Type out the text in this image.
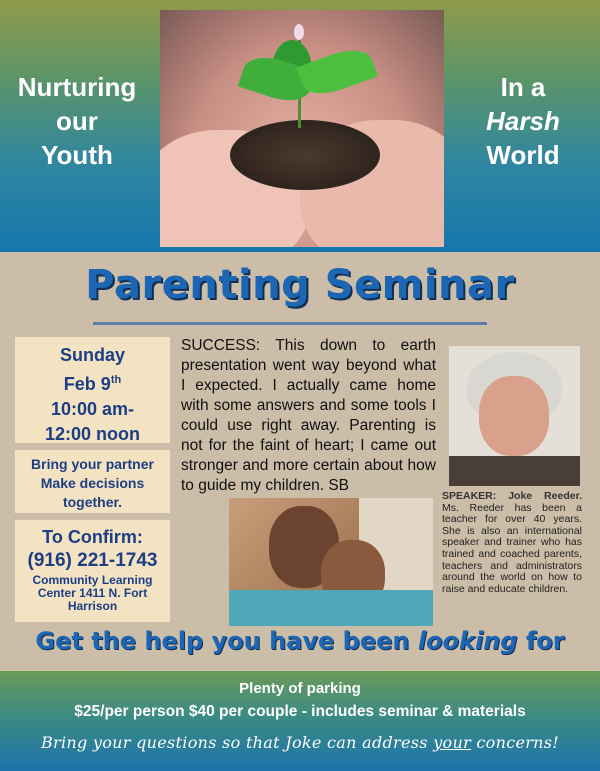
Nurturing
our
Youth
In a
Harsh
World
Parenting Seminar
Sunday
Feb 9th
10:00 am-
12:00 noon
Bring your partner
Make decisions
together.
To Confirm:
(916) 221-1743
Community Learning
Center 1411 N. Fort
Harrison
SUCCESS: This down to earth presentation went way beyond what I expected. I actually came home with some answers and some tools I could use right away. Parenting is not for the faint of heart; I came out stronger and more certain about how to guide my children. SB
SPEAKER: Joke Reeder. Ms. Reeder has been a teacher for over 40 years. She is also an international speaker and trainer who has trained and coached parents, teachers and administrators around the world on how to raise and educate children.
Get the help you have been looking for
Plenty of parking
$25/per person $40 per couple - includes seminar & materials
Bring your questions so that Joke can address your concerns!
